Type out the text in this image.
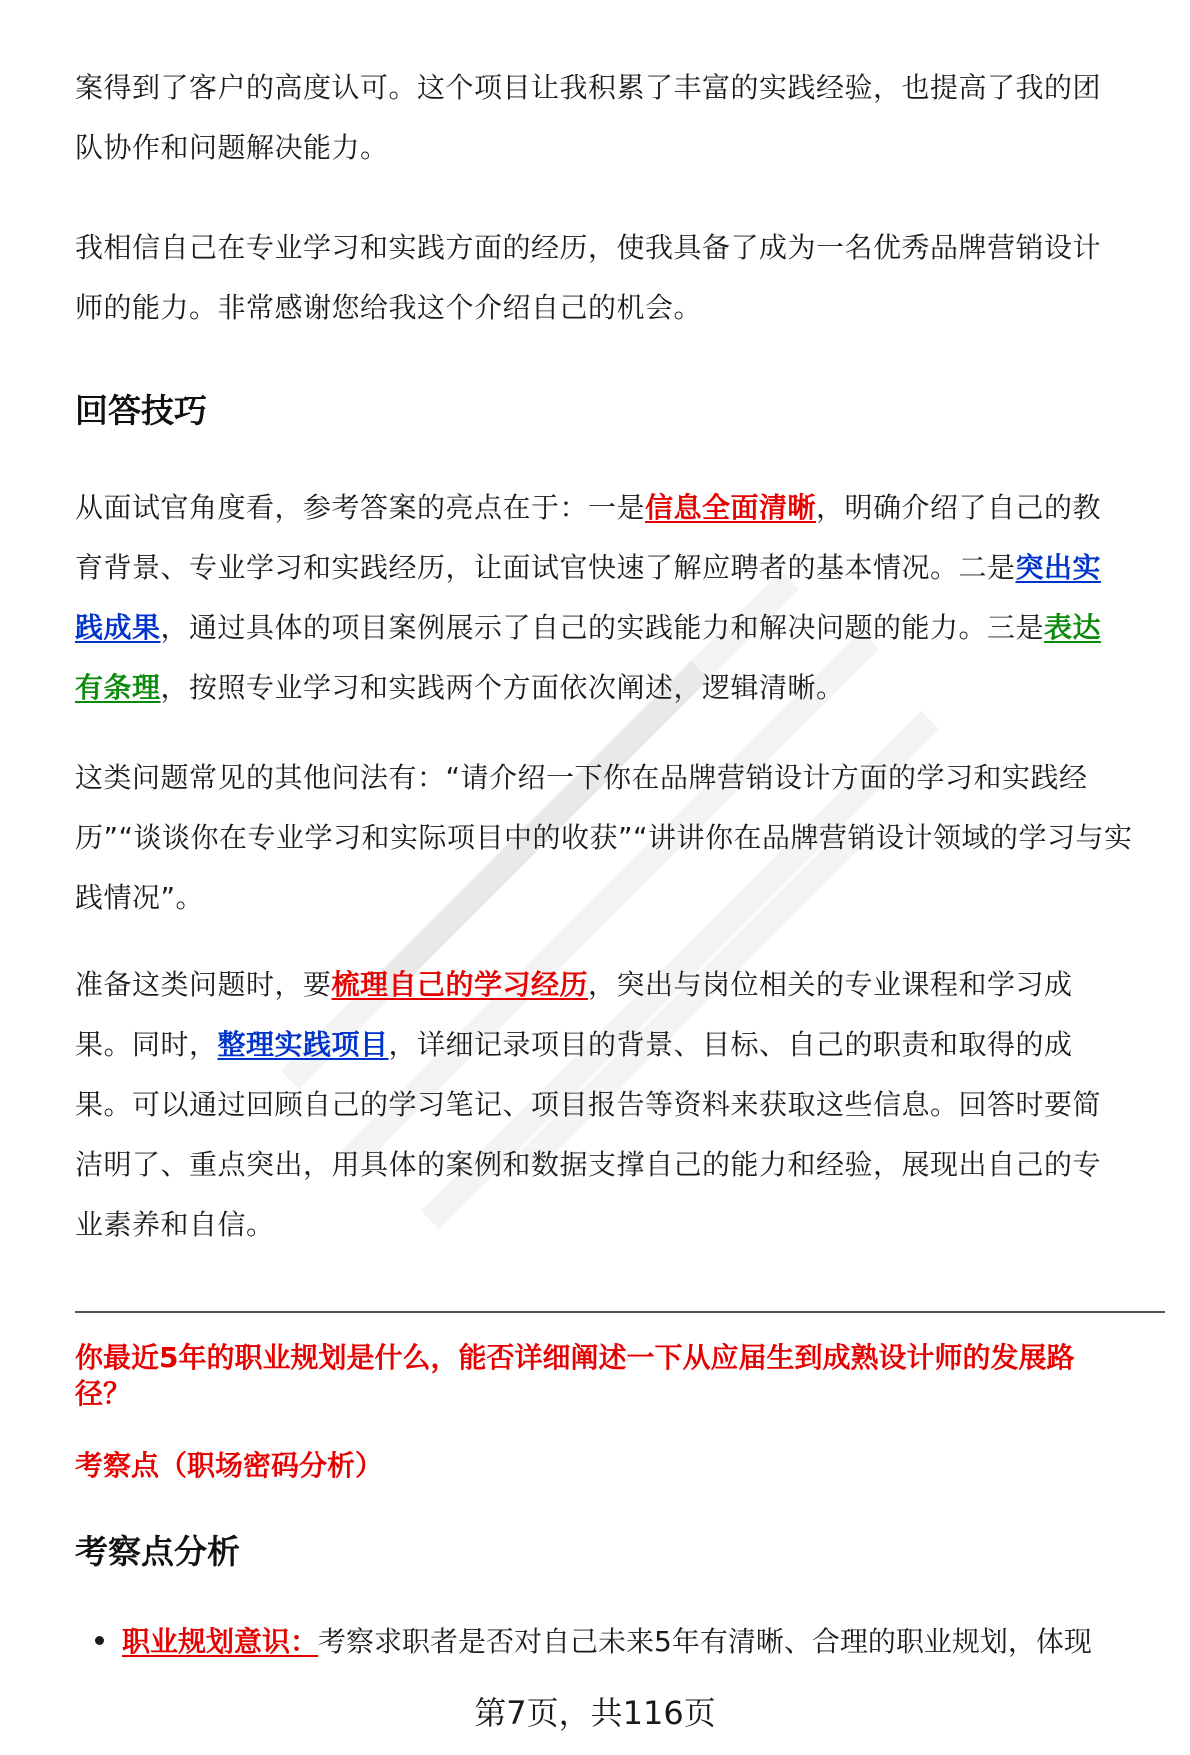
案得到了客户的高度认可。这个项目让我积累了丰富的实践经验，也提高了我的团

队协作和问题解决能力。

我相信自己在专业学习和实践方面的经历，使我具备了成为一名优秀品牌营销设计

师的能力。非常感谢您给我这个介绍自己的机会。

回答技巧

从面试官角度看，参考答案的亮点在于：一是信息全面清晰，明确介绍了自己的教

育背景、专业学习和实践经历，让面试官快速了解应聘者的基本情况。二是突出实

践成果，通过具体的项目案例展示了自己的实践能力和解决问题的能力。三是表达

有条理，按照专业学习和实践两个方面依次阐述，逻辑清晰。

这类问题常见的其他问法有：“请介绍一下你在品牌营销设计方面的学习和实践经

历”“谈谈你在专业学习和实际项目中的收获”“讲讲你在品牌营销设计领域的学习与实

践情况”。

准备这类问题时，要梳理自己的学习经历，突出与岗位相关的专业课程和学习成

果。同时，整理实践项目，详细记录项目的背景、目标、自己的职责和取得的成

果。可以通过回顾自己的学习笔记、项目报告等资料来获取这些信息。回答时要简

洁明了、重点突出，用具体的案例和数据支撑自己的能力和经验，展现出自己的专

业素养和自信。

你最近5年的职业规划是什么，能否详细阐述一下从应届生到成熟设计师的发展路

径？

考察点（职场密码分析）

考察点分析
职业规划意识：考察求职者是否对自己未来5年有清晰、合理的职业规划，体现
第7页，共116页
